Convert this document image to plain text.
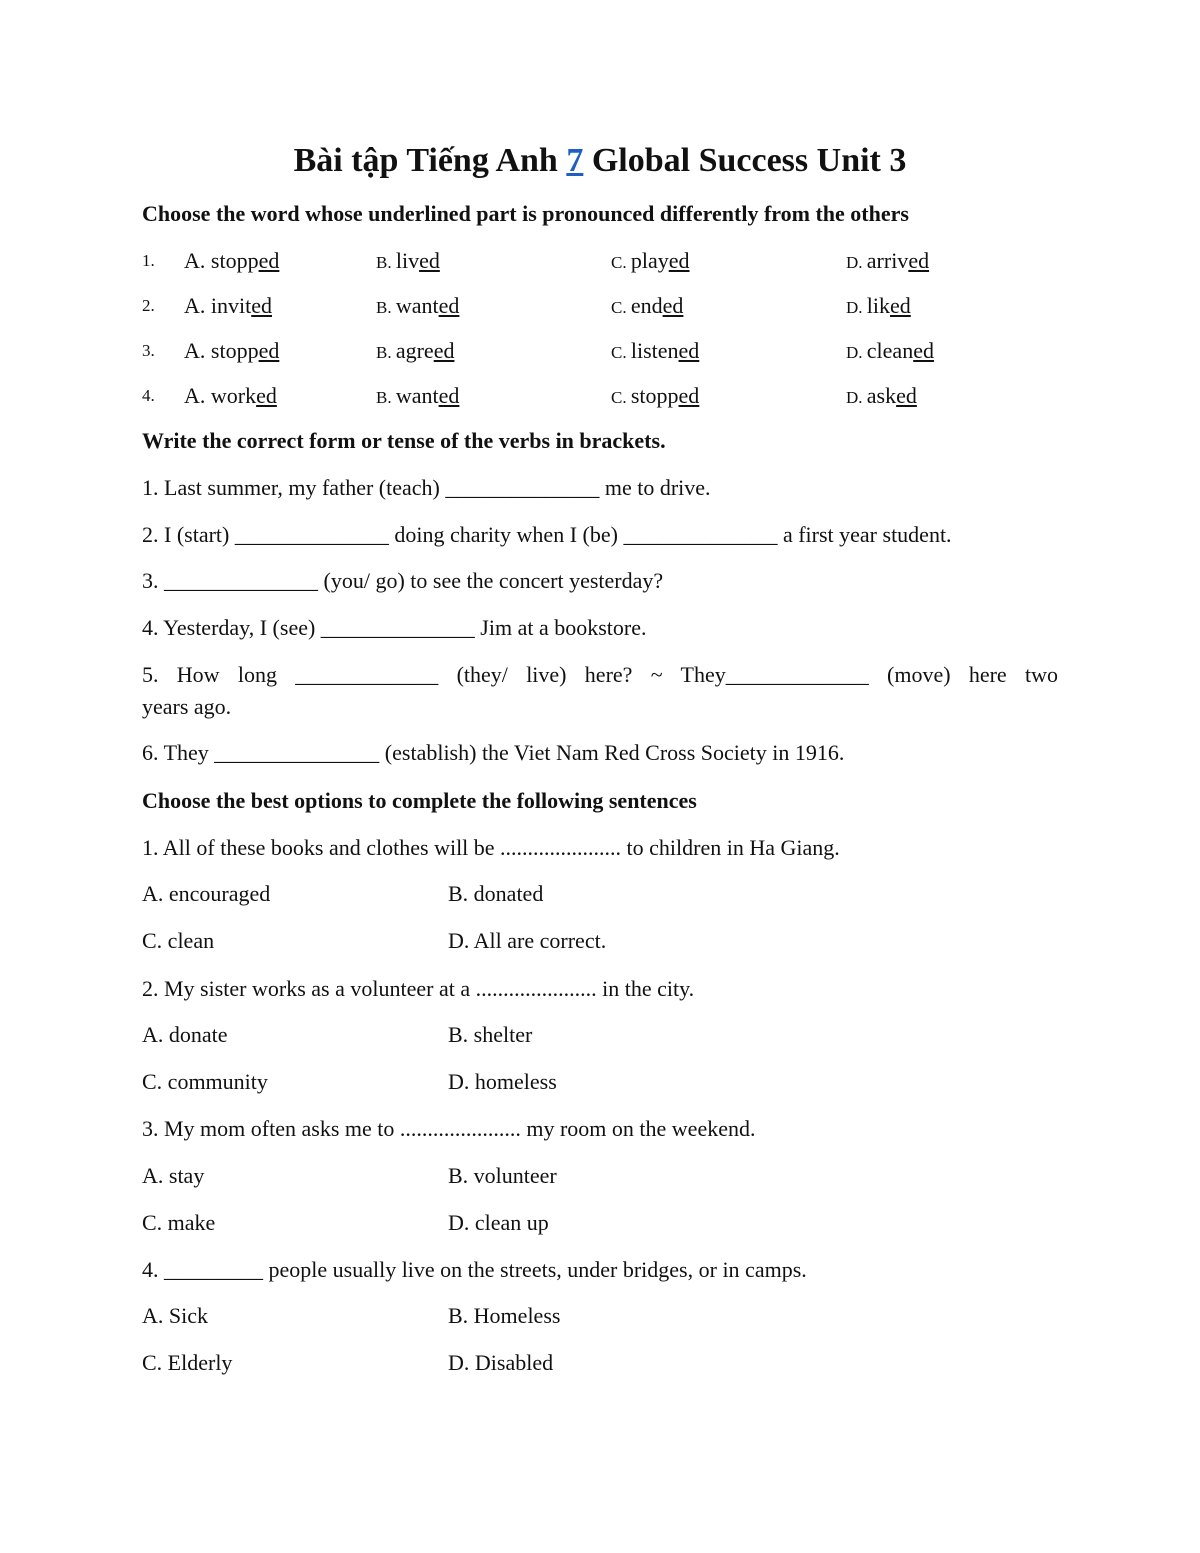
Bài tập Tiếng Anh 7 Global Success Unit 3
Choose the word whose underlined part is pronounced differently from the others
1. A. stopped	B. lived	C. played	D. arrived
2. A. invited	B. wanted	C. ended	D. liked
3. A. stopped	B. agreed	C. listened	D. cleaned
4. A. worked	B. wanted	C. stopped	D. asked
Write the correct form or tense of the verbs in brackets.
1. Last summer, my father (teach) ______________ me to drive.
2. I (start) ______________ doing charity when I (be) ______________ a first year student.
3. ______________ (you/ go) to see the concert yesterday?
4. Yesterday, I (see) ______________ Jim at a bookstore.
5. How long _____________ (they/ live) here? ~ They_____________ (move) here two
years ago.
6. They _______________ (establish) the Viet Nam Red Cross Society in 1916.
Choose the best options to complete the following sentences
1. All of these books and clothes will be ...................... to children in Ha Giang.
A. encouraged	B. donated
C. clean	D. All are correct.
2. My sister works as a volunteer at a ...................... in the city.
A. donate	B. shelter
C. community	D. homeless
3. My mom often asks me to ...................... my room on the weekend.
A. stay	B. volunteer
C. make	D. clean up
4. _________ people usually live on the streets, under bridges, or in camps.
A. Sick	B. Homeless
C. Elderly	D. Disabled
